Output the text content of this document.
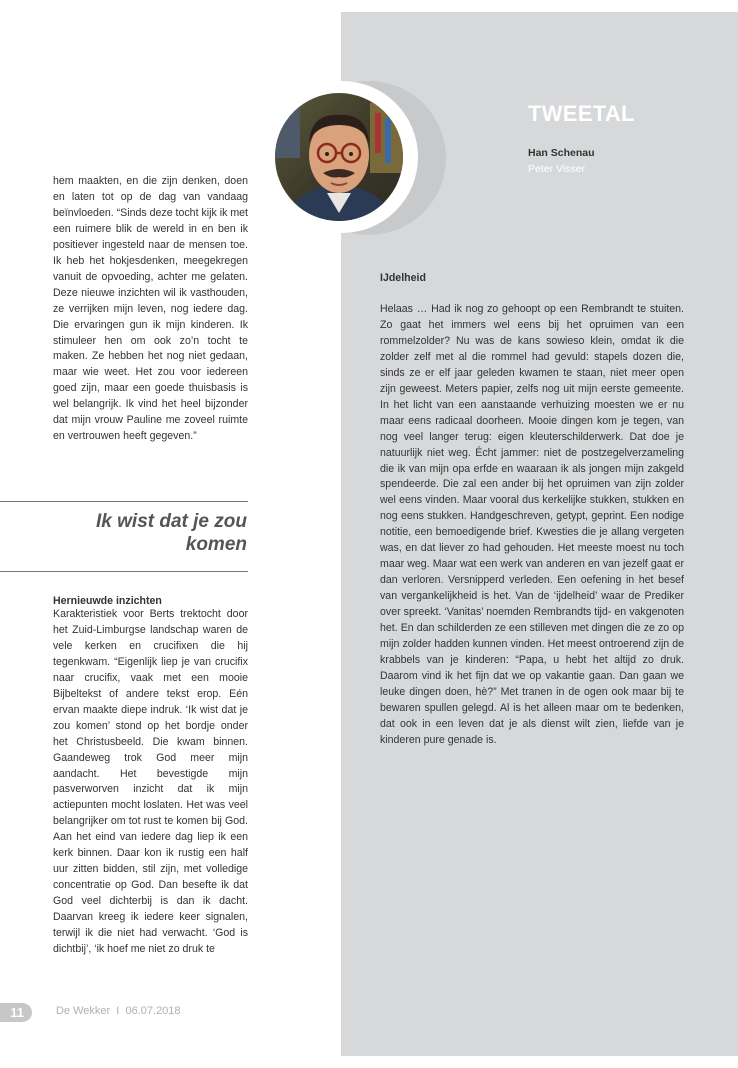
TWEETAL
Han Schenau
Peter Visser

hem maakten, en die zijn denken, doen en laten tot op de dag van vandaag beïnvloeden. “Sinds deze tocht kijk ik met een ruimere blik de wereld in en ben ik positiever ingesteld naar de mensen toe. Ik heb het hokjesdenken, meegekregen vanuit de opvoeding, achter me gelaten. Deze nieuwe inzichten wil ik vasthouden, ze verrijken mijn leven, nog iedere dag. Die ervaringen gun ik mijn kinderen. Ik stimuleer hen om ook zo’n tocht te maken. Ze hebben het nog niet gedaan, maar wie weet. Het zou voor iedereen goed zijn, maar een goede thuisbasis is wel belangrijk. Ik vind het heel bijzonder dat mijn vrouw Pauline me zoveel ruimte en vertrouwen heeft gegeven.”

Ik wist dat je zou komen

Hernieuwde inzichten

Karakteristiek voor Berts trektocht door het Zuid-Limburgse landschap waren de vele kerken en crucifixen die hij tegenkwam. “Eigenlijk liep je van crucifix naar crucifix, vaak met een mooie Bijbeltekst of andere tekst erop. Eén ervan maakte diepe indruk. ‘Ik wist dat je zou komen’ stond op het bordje onder het Christusbeeld. Die kwam binnen. Gaandeweg trok God meer mijn aandacht. Het bevestigde mijn pasverworven inzicht dat ik mijn actiepunten mocht loslaten. Het was veel belangrijker om tot rust te komen bij God. Aan het eind van iedere dag liep ik een kerk binnen. Daar kon ik rustig een half uur zitten bidden, stil zijn, met volledige concentratie op God. Dan besefte ik dat God veel dichterbij is dan ik dacht. Daarvan kreeg ik iedere keer signalen, terwijl ik die niet had verwacht. ‘God is dichtbij’, ‘ik hoef me niet zo druk te

IJdelheid

Helaas … Had ik nog zo gehoopt op een Rembrandt te stuiten. Zo gaat het immers wel eens bij het opruimen van een rommelzolder? Nu was de kans sowieso klein, omdat ik die zolder zelf met al die rommel had gevuld: stapels dozen die, sinds ze er elf jaar geleden kwamen te staan, niet meer open zijn geweest. Meters papier, zelfs nog uit mijn eerste gemeente. In het licht van een aanstaande verhuizing moesten we er nu maar eens radicaal doorheen. Mooie dingen kom je tegen, van nog veel langer terug: eigen kleuterschilderwerk. Dat doe je natuurlijk niet weg. Écht jammer: niet de postzegelverzameling die ik van mijn opa erfde en waaraan ik als jongen mijn zakgeld spendeerde. Die zal een ander bij het opruimen van zijn zolder wel eens vinden. Maar vooral dus kerkelijke stukken, stukken en nog eens stukken. Handgeschreven, getypt, geprint. Een nodige notitie, een bemoedigende brief. Kwesties die je allang vergeten was, en dat liever zo had gehouden. Het meeste moest nu toch maar weg. Maar wat een werk van anderen en van jezelf gaat er dan verloren. Versnipperd verleden. Een oefening in het besef van vergankelijkheid is het. Van de ‘ijdelheid’ waar de Prediker over spreekt. ‘Vanitas’ noemden Rembrandts tijd- en vakgenoten het. En dan schilderden ze een stilleven met dingen die ze zo op mijn zolder hadden kunnen vinden. Het meest ontroerend zijn de krabbels van je kinderen: “Papa, u hebt het altijd zo druk. Daarom vind ik het fijn dat we op vakantie gaan. Dan gaan we leuke dingen doen, hè?” Met tranen in de ogen ook maar bij te bewaren spullen gelegd. Al is het alleen maar om te bedenken, dat ook in een leven dat je als dienst wilt zien, liefde van je kinderen pure genade is.

11	De Wekker  I  06.07.2018
